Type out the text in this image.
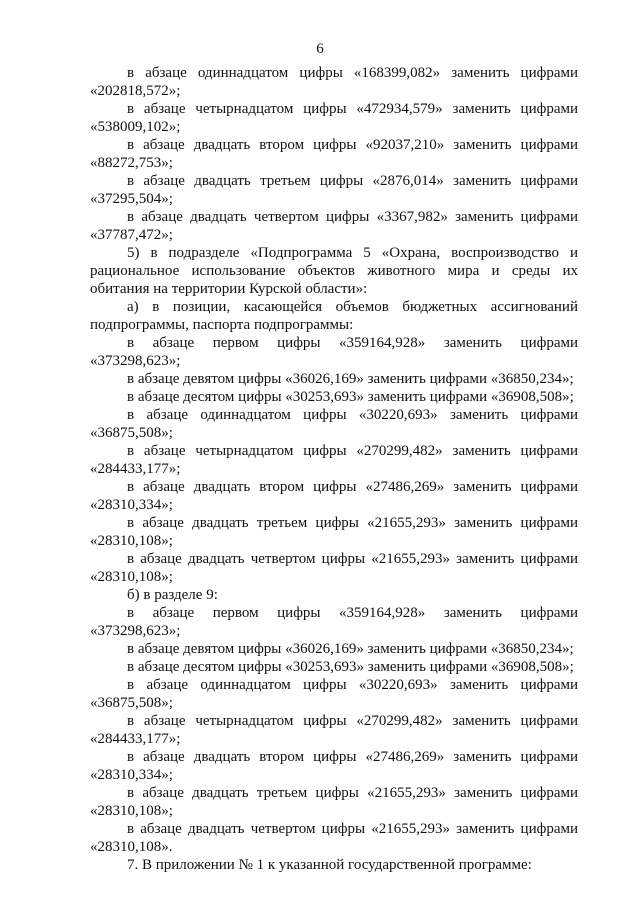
6

в абзаце одиннадцатом цифры «168399,082» заменить цифрами «202818,572»;

в абзаце четырнадцатом цифры «472934,579» заменить цифрами «538009,102»;

в абзаце двадцать втором цифры «92037,210» заменить цифрами «88272,753»;

в абзаце двадцать третьем цифры «2876,014» заменить цифрами «37295,504»;

в абзаце двадцать четвертом цифры «3367,982» заменить цифрами «37787,472»;

5) в подразделе «Подпрограмма 5 «Охрана, воспроизводство и рациональное использование объектов животного мира и среды их обитания на территории Курской области»:

а) в позиции, касающейся объемов бюджетных ассигнований подпрограммы, паспорта подпрограммы:

в абзаце первом цифры «359164,928» заменить цифрами «373298,623»;

в абзаце девятом цифры «36026,169» заменить цифрами «36850,234»;

в абзаце десятом цифры «30253,693» заменить цифрами «36908,508»;

в абзаце одиннадцатом цифры «30220,693» заменить цифрами «36875,508»;

в абзаце четырнадцатом цифры «270299,482» заменить цифрами «284433,177»;

в абзаце двадцать втором цифры «27486,269» заменить цифрами «28310,334»;

в абзаце двадцать третьем цифры «21655,293» заменить цифрами «28310,108»;

в абзаце двадцать четвертом цифры «21655,293» заменить цифрами «28310,108»;

б) в разделе 9:

в абзаце первом цифры «359164,928» заменить цифрами «373298,623»;

в абзаце девятом цифры «36026,169» заменить цифрами «36850,234»;

в абзаце десятом цифры «30253,693» заменить цифрами «36908,508»;

в абзаце одиннадцатом цифры «30220,693» заменить цифрами «36875,508»;

в абзаце четырнадцатом цифры «270299,482» заменить цифрами «284433,177»;

в абзаце двадцать втором цифры «27486,269» заменить цифрами «28310,334»;

в абзаце двадцать третьем цифры «21655,293» заменить цифрами «28310,108»;

в абзаце двадцать четвертом цифры «21655,293» заменить цифрами «28310,108».

7. В приложении № 1 к указанной государственной программе:
